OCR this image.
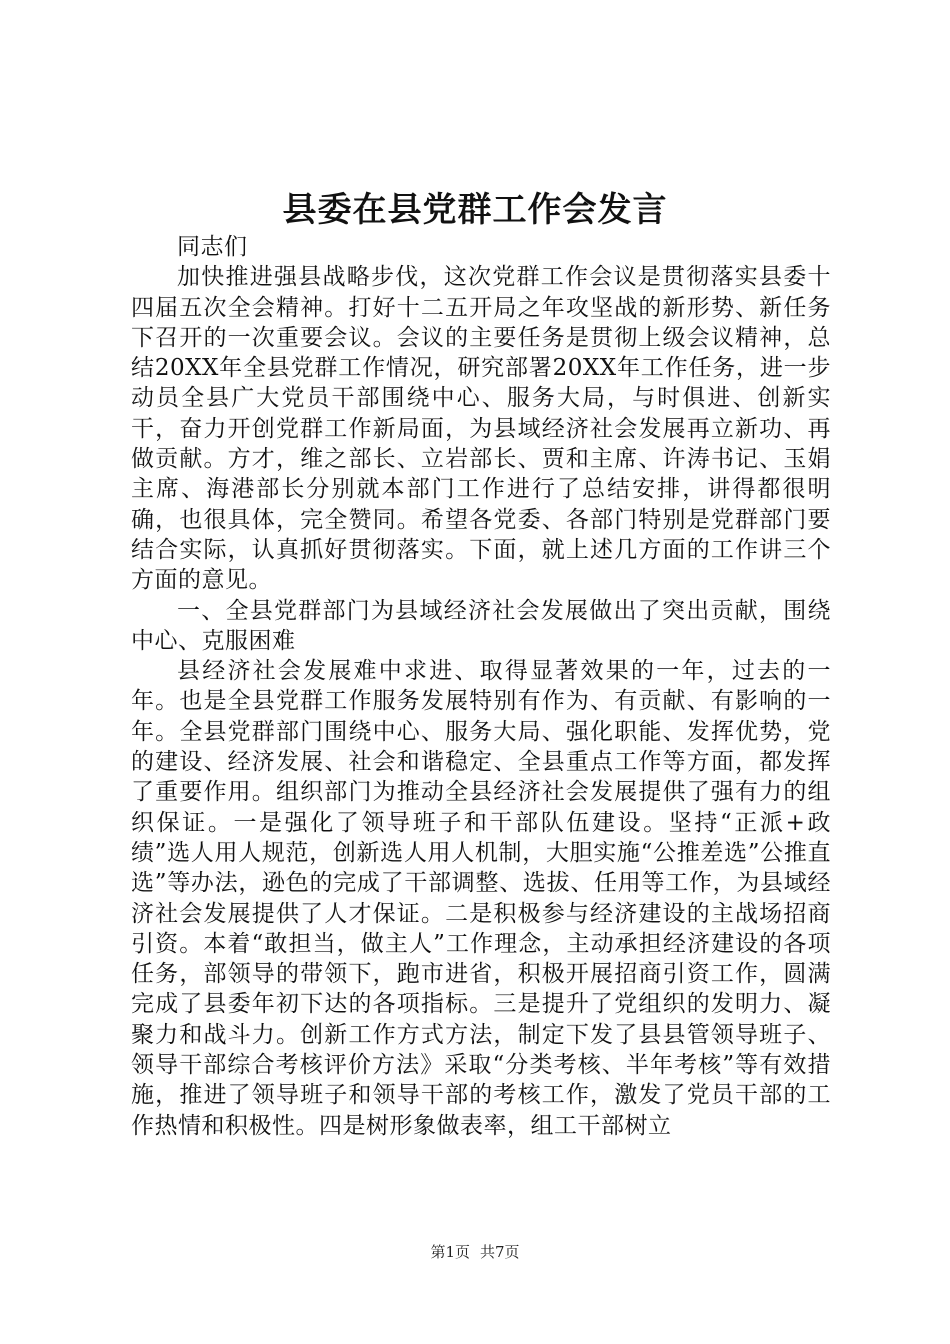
县委在县党群工作会发言

同志们

加快推进强县战略步伐，这次党群工作会议是贯彻落实县委十四届五次全会精神。打好十二五开局之年攻坚战的新形势、新任务下召开的一次重要会议。会议的主要任务是贯彻上级会议精神，总结20XX年全县党群工作情况，研究部署20XX年工作任务，进一步动员全县广大党员干部围绕中心、服务大局，与时俱进、创新实干，奋力开创党群工作新局面，为县域经济社会发展再立新功、再做贡献。方才，维之部长、立岩部长、贾和主席、许涛书记、玉娟主席、海港部长分别就本部门工作进行了总结安排，讲得都很明确，也很具体，完全赞同。希望各党委、各部门特别是党群部门要结合实际，认真抓好贯彻落实。下面，就上述几方面的工作讲三个方面的意见。

一、全县党群部门为县域经济社会发展做出了突出贡献，围绕中心、克服困难

县经济社会发展难中求进、取得显著效果的一年，过去的一年。也是全县党群工作服务发展特别有作为、有贡献、有影响的一年。全县党群部门围绕中心、服务大局、强化职能、发挥优势，党的建设、经济发展、社会和谐稳定、全县重点工作等方面，都发挥了重要作用。组织部门为推动全县经济社会发展提供了强有力的组织保证。一是强化了领导班子和干部队伍建设。坚持“正派+政绩”选人用人规范，创新选人用人机制，大胆实施“公推差选”公推直选”等办法，逊色的完成了干部调整、选拔、任用等工作，为县域经济社会发展提供了人才保证。二是积极参与经济建设的主战场招商引资。本着“敢担当，做主人”工作理念，主动承担经济建设的各项任务，部领导的带领下，跑市进省，积极开展招商引资工作，圆满完成了县委年初下达的各项指标。三是提升了党组织的发明力、凝聚力和战斗力。创新工作方式方法，制定下发了县县管领导班子、领导干部综合考核评价方法》采取“分类考核、半年考核”等有效措施，推进了领导班子和领导干部的考核工作，激发了党员干部的工作热情和积极性。四是树形象做表率，组工干部树立

第1页 共7页
